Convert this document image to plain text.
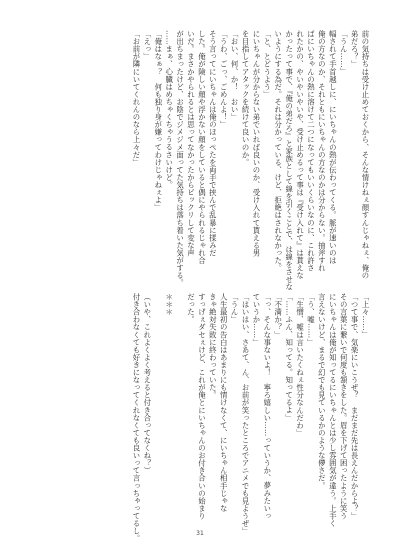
前の気持ちは受け止めておくから、そんな情けねぇ顔すんじゃねぇ、俺の
弟だろ？」
「うん……」
幅されて手首越しに、にいちゃんの熱が伝わってくる。脈が速いのは
俺の方なのか、それともにいちゃんの方なのかは分からない。抽斧すれ
ばにいちゃんの熱に溶けて二つになってもいいくらいなのに、これ許さ
れたかの、やいやいやいや、受け止めるって事は『受け入れて』は貰えな
かったって事で、『俺の弟だろ』と家族として線を引くことで、は線をさせな
いようにする為だ。それは分かっている、けど、拒絶はされなかった。
「と、とどうよう」
にいちゃんが分からない弟でいれば良いのか、受け入れて貰える男
を目指してアタックを続けて良いのか。
「おい、何、か！　おい」
「うわ、ごっ、ごめんよ！」
そう言ってにいちゃんは俺のほっぺたを両手で挟んで乱暴に揉みだ
した。俺が険しい顔や浮かない顔をしていると偶にやられるじゃれ合
いだ。まさかやられるとは思ってなかったからビックリして変な声
が出ちまったけど、お陰でジメジメ面ってた気持ちは落ち着いた気がする。
……まぁ、心臓はめちゃくちゃうるさいけど。
「俺はなぁ？　何も独り身が嫌ってわけじゃねぇよ」
「えっ」
「お前が隣にいてくれんのなら上々だ」
「上々……」
「つて事で、気楽にいこうぜ？　まだまだ先は長えんだからよ？」
その言葉に繋いで何度も頷きをした。眉を下げて困ったように笑う
にいちゃんは俺が知ってるにいちゃんとは少し雰囲気が違う。上手く
言えないけど、まるで幻でも見ているかのような儚さだ。
「う、嘘……」
「生憎、嘘は言いたくねぇ性分なんだわ」
「……ふん、知ってる。知ってるよ」
「不満か？」
「っ、そんな事ないよ！　寧ろ嬉しい……っていうか、夢みたいっ
ていうか……」
「はいはい、さあて、ん、お前が笑ったところでアニメでも見ようぜ」
「うん」
人生最初の告白はあまりにも情けなくて、にいちゃん相手じゃな
きゃ絶対失敗に終わっていた。
すっげぇダセぇけど、これが俺とにいちゃんのお付き合いの始まり
だった。

＊＊＊

（いや、これよくよく考えると付き合ってなくね？）
付き合わなくても好きになってくれなくても良いって言っちゃってるし。	31
